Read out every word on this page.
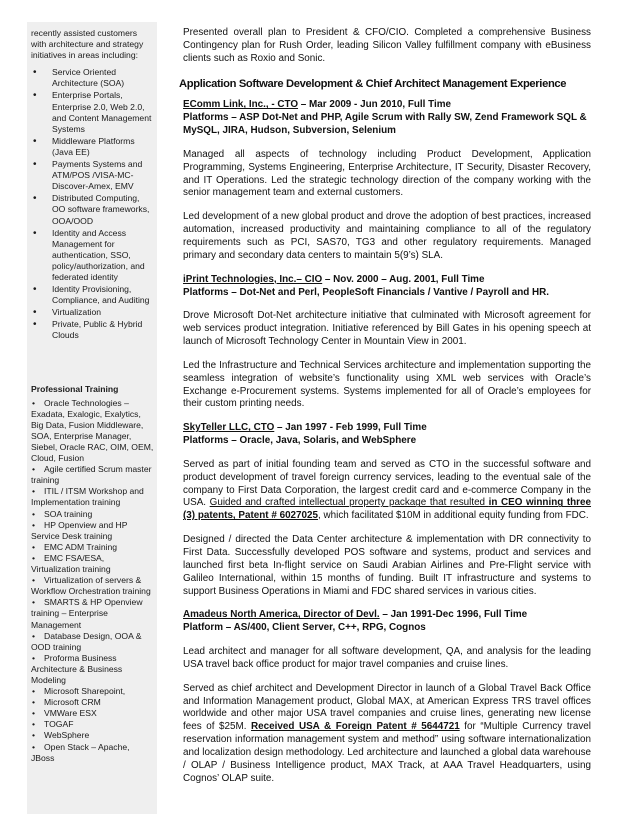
recently assisted customers with architecture and strategy initiatives in areas including:

• Service Oriented Architecture (SOA)
• Enterprise Portals, Enterprise 2.0, Web 2.0, and Content Management Systems
• Middleware Platforms (Java EE)
• Payments Systems and ATM/POS /VISA-MC-Discover-Amex, EMV
• Distributed Computing, OO software frameworks, OOA/OOD
• Identity and Access Management for authentication, SSO, policy/authorization, and federated identity
• Identity Provisioning, Compliance, and Auditing
• Virtualization
• Private, Public & Hybrid Clouds

Professional Training

• Oracle Technologies – Exadata, Exalogic, Exalytics, Big Data, Fusion Middleware, SOA, Enterprise Manager, Siebel, Oracle RAC, OIM, OEM, Cloud, Fusion
• Agile certified Scrum master training
• ITIL / ITSM Workshop and Implementation training
• SOA training
• HP Openview and HP Service Desk training
• EMC ADM Training
• EMC FSA/ESA, Virtualization training
• Virtualization of servers & Workflow Orchestration training
• SMARTS & HP Openview training – Enterprise Management
• Database Design, OOA & OOD training
• Proforma Business Architecture & Business Modeling
• Microsoft Sharepoint,
• Microsoft CRM
• VMWare ESX
• TOGAF
• WebSphere
• Open Stack – Apache, JBoss

Presented overall plan to President & CFO/CIO. Completed a comprehensive Business Contingency plan for Rush Order, leading Silicon Valley fulfillment company with eBusiness clients such as Roxio and Sonic.

Application Software Development & Chief Architect Management Experience

EComm Link, Inc., - CTO – Mar 2009 - Jun 2010, Full Time

Platforms – ASP Dot-Net and PHP, Agile Scrum with Rally SW, Zend Framework SQL & MySQL, JIRA, Hudson, Subversion, Selenium

Managed all aspects of technology including Product Development, Application Programming, Systems Engineering, Enterprise Architecture, IT Security, Disaster Recovery, and IT Operations. Led the strategic technology direction of the company working with the senior management team and external customers.

Led development of a new global product and drove the adoption of best practices, increased automation, increased productivity and maintaining compliance to all of the regulatory requirements such as PCI, SAS70, TG3 and other regulatory requirements. Managed primary and secondary data centers to maintain 5(9’s) SLA.

iPrint Technologies, Inc.– CIO – Nov. 2000 – Aug. 2001, Full Time

Platforms – Dot-Net and Perl, PeopleSoft Financials / Vantive / Payroll and HR.

Drove Microsoft Dot-Net architecture initiative that culminated with Microsoft agreement for web services product integration. Initiative referenced by Bill Gates in his opening speech at launch of Microsoft Technology Center in Mountain View in 2001.

Led the Infrastructure and Technical Services architecture and implementation supporting the seamless integration of website’s functionality using XML web services with Oracle’s Exchange e-Procurement systems. Systems implemented for all of Oracle’s employees for their custom printing needs.

SkyTeller LLC, CTO – Jan 1997 - Feb 1999, Full Time

Platforms – Oracle, Java, Solaris, and WebSphere

Served as part of initial founding team and served as CTO in the successful software and product development of travel foreign currency services, leading to the eventual sale of the company to First Data Corporation, the largest credit card and e-commerce Company in the USA. Guided and crafted intellectual property package that resulted in CEO winning three (3) patents, Patent # 6027025, which facilitated $10M in additional equity funding from FDC.

Designed / directed the Data Center architecture & implementation with DR connectivity to First Data. Successfully developed POS software and systems, product and services and launched first beta In-flight service on Saudi Arabian Airlines and Pre-Flight service with Galileo International, within 15 months of funding. Built IT infrastructure and systems to support Business Operations in Miami and FDC shared services in various cities.

Amadeus North America, Director of Devl. – Jan 1991-Dec 1996, Full Time

Platform – AS/400, Client Server, C++, RPG, Cognos

Lead architect and manager for all software development, QA, and analysis for the leading USA travel back office product for major travel companies and cruise lines.

Served as chief architect and Development Director in launch of a Global Travel Back Office and Information Management product, Global MAX, at American Express TRS travel offices worldwide and other major USA travel companies and cruise lines, generating new license fees of $25M. Received USA & Foreign Patent # 5644721 for “Multiple Currency travel reservation information management system and method” using software internationalization and localization design methodology. Led architecture and launched a global data warehouse / OLAP / Business Intelligence product, MAX Track, at AAA Travel Headquarters, using Cognos’ OLAP suite.
